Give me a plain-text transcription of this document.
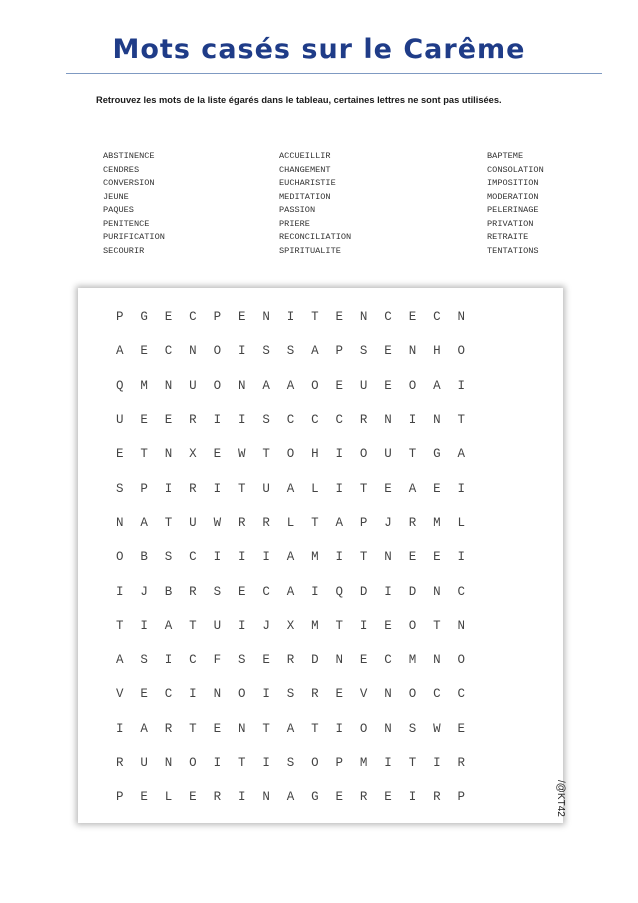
Mots casés sur le Carême
Retrouvez les mots de la liste égarés dans le tableau, certaines lettres ne sont pas utilisées.
ABSTINENCE
CENDRES
CONVERSION
JEUNE
PAQUES
PENITENCE
PURIFICATION
SECOURIR
ACCUEILLIR
CHANGEMENT
EUCHARISTIE
MEDITATION
PASSION
PRIERE
RECONCILIATION
SPIRITUALITE
BAPTEME
CONSOLATION
IMPOSITION
MODERATION
PELERINAGE
PRIVATION
RETRAITE
TENTATIONS
P	G	E	C	P	E	N	I	T	E	N	C	E	C	N
A	E	C	N	O	I	S	S	A	P	S	E	N	H	O
Q	M	N	U	O	N	A	A	O	E	U	E	O	A	I
U	E	E	R	I	I	S	C	C	C	R	N	I	N	T
E	T	N	X	E	W	T	O	H	I	O	U	T	G	A
S	P	I	R	I	T	U	A	L	I	T	E	A	E	I
N	A	T	U	W	R	R	L	T	A	P	J	R	M	L
O	B	S	C	I	I	I	A	M	I	T	N	E	E	I
I	J	B	R	S	E	C	A	I	Q	D	I	D	N	C
T	I	A	T	U	I	J	X	M	T	I	E	O	T	N
A	S	I	C	F	S	E	R	D	N	E	C	M	N	O
V	E	C	I	N	O	I	S	R	E	V	N	O	C	C
I	A	R	T	E	N	T	A	T	I	O	N	S	W	E
R	U	N	O	I	T	I	S	O	P	M	I	T	I	R
P	E	L	E	R	I	N	A	G	E	R	E	I	R	P	/@KT42
